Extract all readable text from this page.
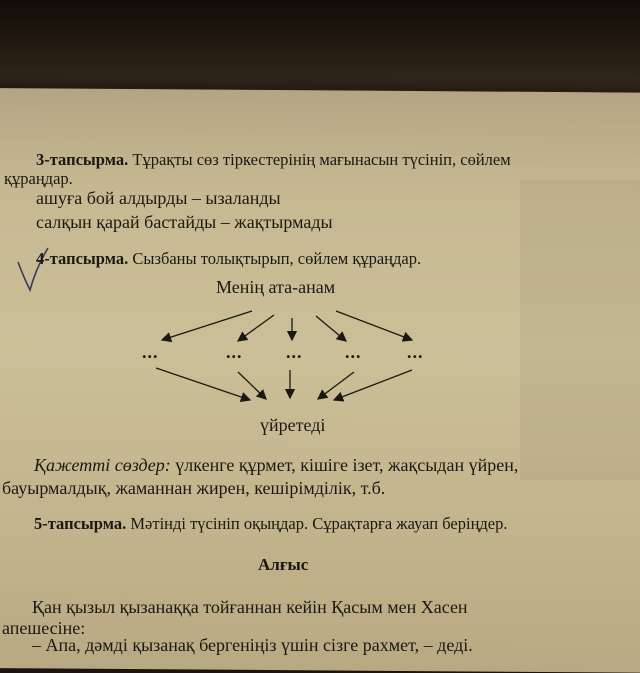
3-тапсырма. Тұрақты сөз тіркестерінің мағынасын түсініп, сөйлем
құраңдар.
ашуға бой алдырды – ызаланды
салқын қарай бастайды – жақтырмады
4-тапсырма. Сызбаны толықтырып, сөйлем құраңдар.
Менің ата-анам
...	... ... ...	...
үйретеді
Қажетті сөздер: үлкенге құрмет, кішіге ізет, жақсыдан үйрен,
бауырмалдық, жаманнан жирен, кешірімділік, т.б.
5-тапсырма. Мәтінді түсініп оқыңдар. Сұрақтарға жауап беріңдер.
Алғыс
Қан қызыл қызанаққа тойғаннан кейін Қасым мен Хасен
апешесіне:
– Апа, дәмді қызанақ бергеніңіз үшін сізге рахмет, – деді.
